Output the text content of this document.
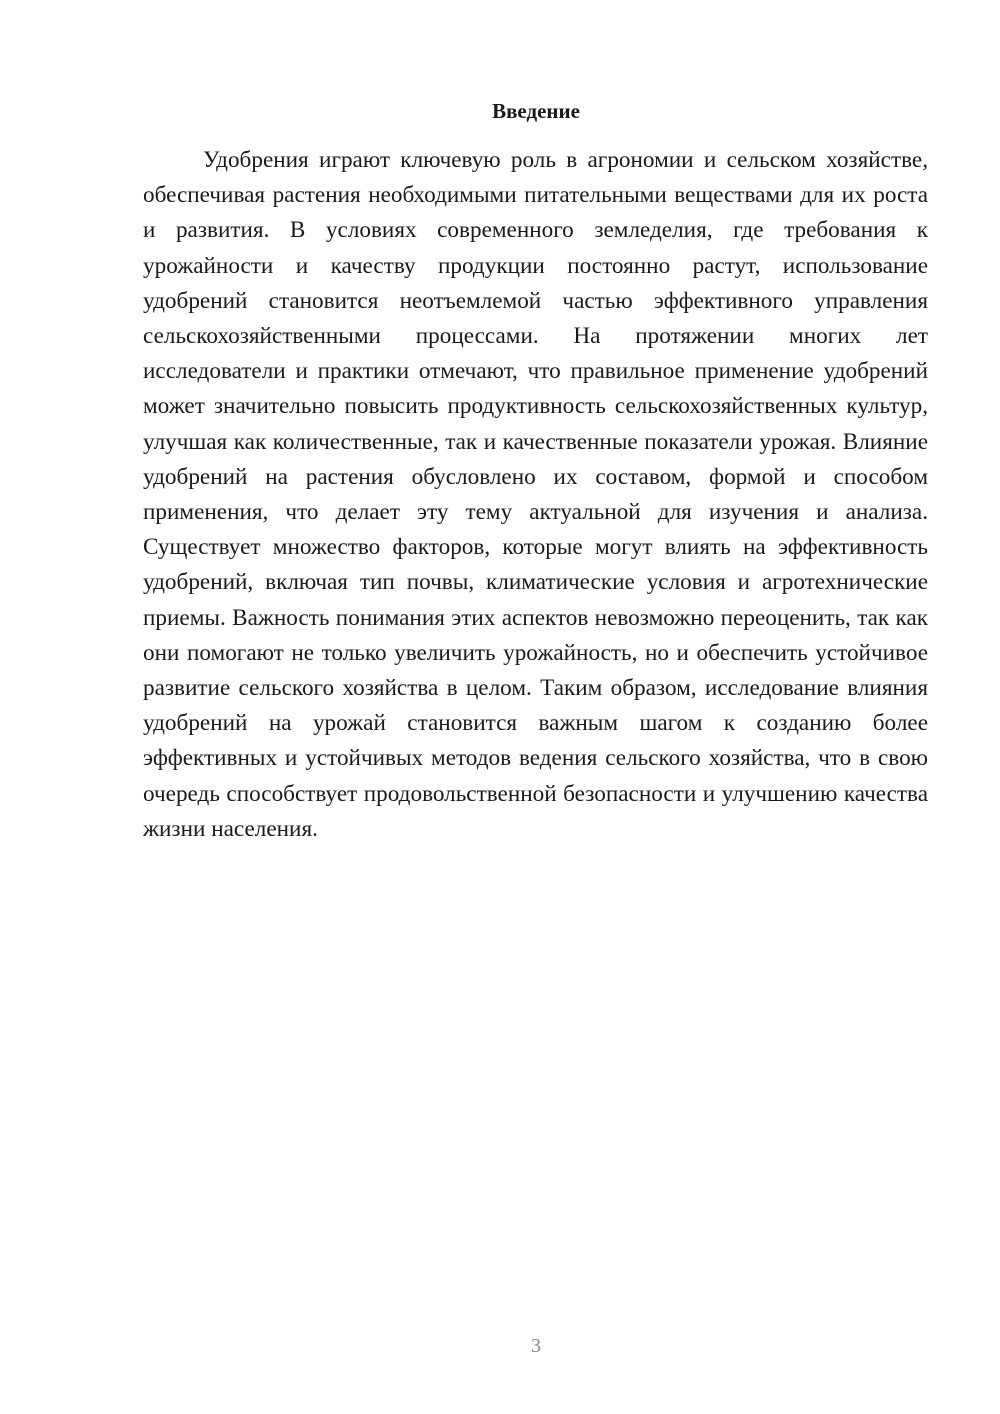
Введение

Удобрения играют ключевую роль в агрономии и сельском хозяйстве, обеспечивая растения необходимыми питательными веществами для их роста и развития. В условиях современного земледелия, где требования к урожайности и качеству продукции постоянно растут, использование удобрений становится неотъемлемой частью эффективного управления сельскохозяйственными процессами. На протяжении многих лет исследователи и практики отмечают, что правильное применение удобрений может значительно повысить продуктивность сельскохозяйственных культур, улучшая как количественные, так и качественные показатели урожая. Влияние удобрений на растения обусловлено их составом, формой и способом применения, что делает эту тему актуальной для изучения и анализа. Существует множество факторов, которые могут влиять на эффективность удобрений, включая тип почвы, климатические условия и агротехнические приемы. Важность понимания этих аспектов невозможно переоценить, так как они помогают не только увеличить урожайность, но и обеспечить устойчивое развитие сельского хозяйства в целом. Таким образом, исследование влияния удобрений на урожай становится важным шагом к созданию более эффективных и устойчивых методов ведения сельского хозяйства, что в свою очередь способствует продовольственной безопасности и улучшению качества жизни населения.

3
